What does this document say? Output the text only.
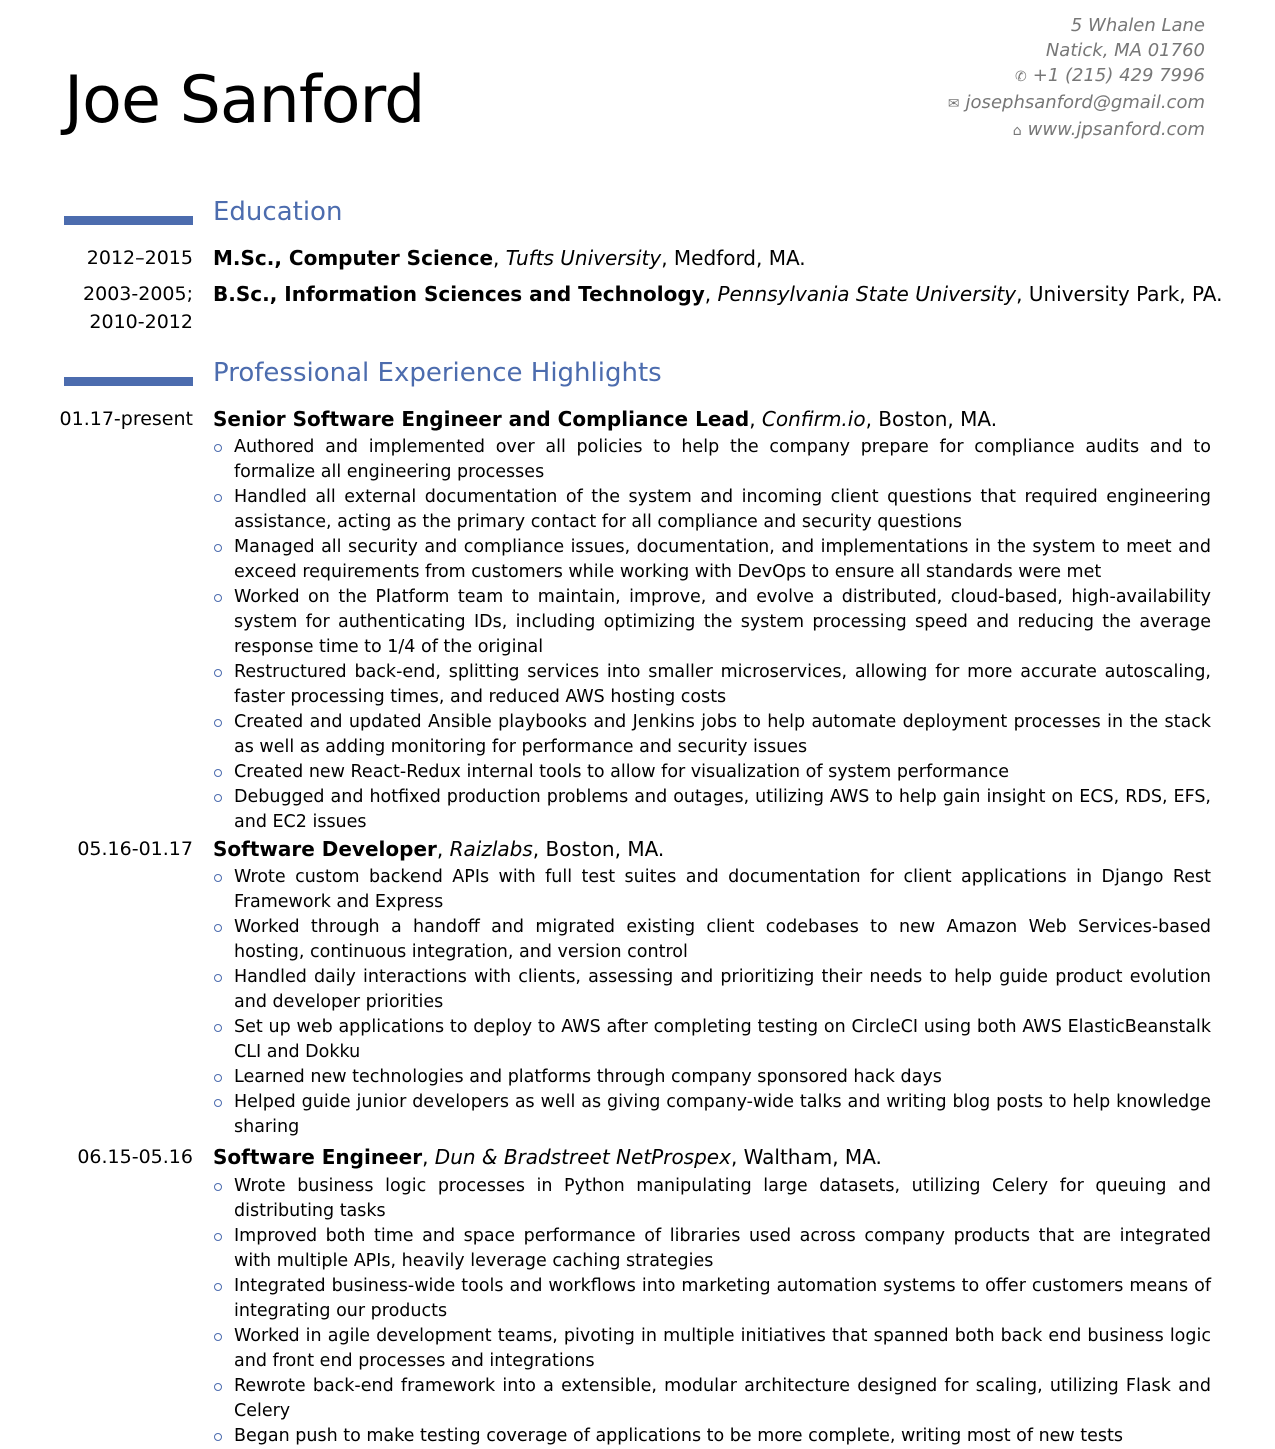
Joe Sanford
5 Whalen Lane
Natick, MA 01760
✆ +1 (215) 429 7996
✉ josephsanford@gmail.com
⌂ www.jpsanford.com
Education
2012–2015 M.Sc., Computer Science, Tufts University, Medford, MA.
2003-2005;
2010-2012
B.Sc., Information Sciences and Technology, Pennsylvania State University, University Park, PA.
Professional Experience Highlights
01.17-present Senior Software Engineer and Compliance Lead, Confirm.io, Boston, MA.
Authored and implemented over all policies to help the company prepare for compliance audits and to formalize all engineering processes
Handled all external documentation of the system and incoming client questions that required engineering assistance, acting as the primary contact for all compliance and security questions
Managed all security and compliance issues, documentation, and implementations in the system to meet and exceed requirements from customers while working with DevOps to ensure all standards were met
Worked on the Platform team to maintain, improve, and evolve a distributed, cloud-based, high-availability system for authenticating IDs, including optimizing the system processing speed and reducing the average response time to 1/4 of the original
Restructured back-end, splitting services into smaller microservices, allowing for more accurate autoscaling, faster processing times, and reduced AWS hosting costs
Created and updated Ansible playbooks and Jenkins jobs to help automate deployment processes in the stack as well as adding monitoring for performance and security issues
Created new React-Redux internal tools to allow for visualization of system performance
Debugged and hotfixed production problems and outages, utilizing AWS to help gain insight on ECS, RDS, EFS, and EC2 issues
05.16-01.17 Software Developer, Raizlabs, Boston, MA.
Wrote custom backend APIs with full test suites and documentation for client applications in Django Rest Framework and Express
Worked through a handoff and migrated existing client codebases to new Amazon Web Services-based hosting, continuous integration, and version control
Handled daily interactions with clients, assessing and prioritizing their needs to help guide product evolution and developer priorities
Set up web applications to deploy to AWS after completing testing on CircleCI using both AWS ElasticBeanstalk CLI and Dokku
Learned new technologies and platforms through company sponsored hack days
Helped guide junior developers as well as giving company-wide talks and writing blog posts to help knowledge sharing
06.15-05.16 Software Engineer, Dun & Bradstreet NetProspex, Waltham, MA.
Wrote business logic processes in Python manipulating large datasets, utilizing Celery for queuing and distributing tasks
Improved both time and space performance of libraries used across company products that are integrated with multiple APIs, heavily leverage caching strategies
Integrated business-wide tools and workflows into marketing automation systems to offer customers means of integrating our products
Worked in agile development teams, pivoting in multiple initiatives that spanned both back end business logic and front end processes and integrations
Rewrote back-end framework into a extensible, modular architecture designed for scaling, utilizing Flask and Celery
Began push to make testing coverage of applications to be more complete, writing most of new tests
